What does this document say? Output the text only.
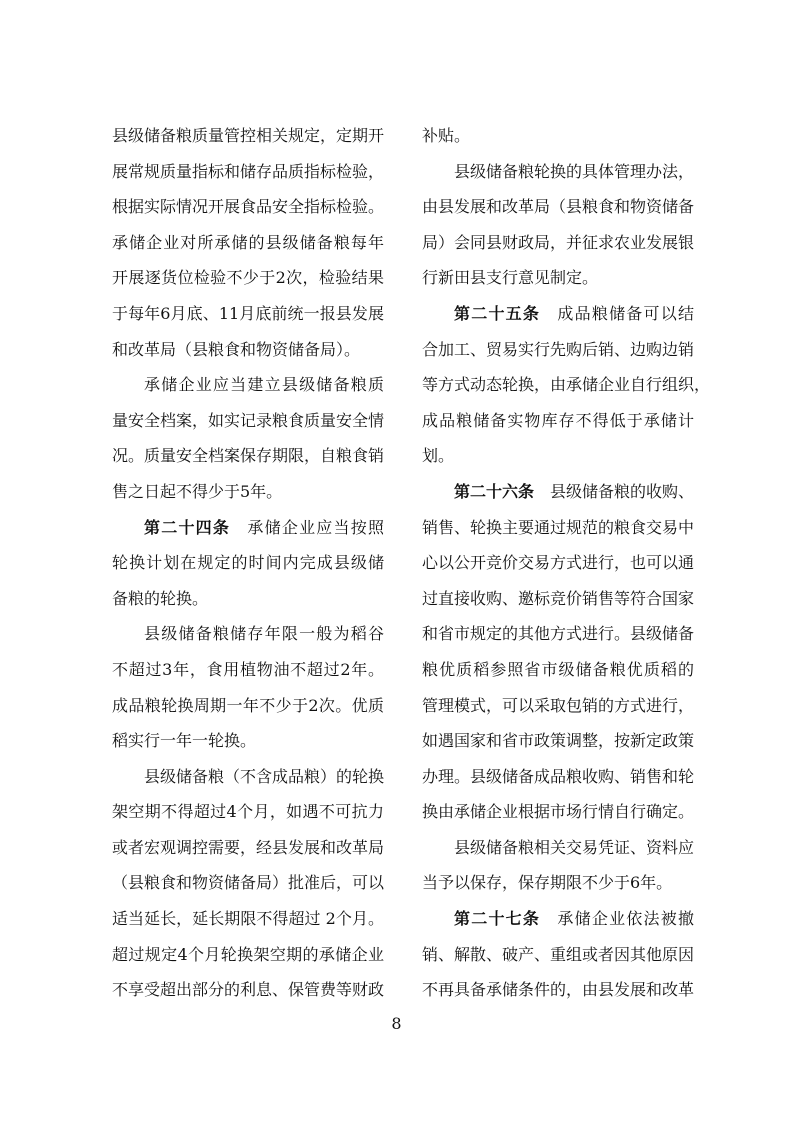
县级储备粮质量管控相关规定，定期开
展常规质量指标和储存品质指标检验，
根据实际情况开展食品安全指标检验。
承储企业对所承储的县级储备粮每年
开展逐货位检验不少于2次，检验结果
于每年6月底、11月底前统一报县发展
和改革局（县粮食和物资储备局）。
承储企业应当建立县级储备粮质
量安全档案，如实记录粮食质量安全情
况。质量安全档案保存期限，自粮食销
售之日起不得少于5年。
第二十四条　承储企业应当按照
轮换计划在规定的时间内完成县级储
备粮的轮换。
县级储备粮储存年限一般为稻谷
不超过3年，食用植物油不超过2年。
成品粮轮换周期一年不少于2次。优质
稻实行一年一轮换。
县级储备粮（不含成品粮）的轮换
架空期不得超过4个月，如遇不可抗力
或者宏观调控需要，经县发展和改革局
（县粮食和物资储备局）批准后，可以
适当延长，延长期限不得超过 2个月。
超过规定4个月轮换架空期的承储企业
不享受超出部分的利息、保管费等财政
补贴。
县级储备粮轮换的具体管理办法，
由县发展和改革局（县粮食和物资储备
局）会同县财政局，并征求农业发展银
行新田县支行意见制定。
第二十五条　成品粮储备可以结
合加工、贸易实行先购后销、边购边销
等方式动态轮换，由承储企业自行组织，
成品粮储备实物库存不得低于承储计
划。
第二十六条　县级储备粮的收购、
销售、轮换主要通过规范的粮食交易中
心以公开竞价交易方式进行，也可以通
过直接收购、邀标竞价销售等符合国家
和省市规定的其他方式进行。县级储备
粮优质稻参照省市级储备粮优质稻的
管理模式，可以采取包销的方式进行，
如遇国家和省市政策调整，按新定政策
办理。县级储备成品粮收购、销售和轮
换由承储企业根据市场行情自行确定。
县级储备粮相关交易凭证、资料应
当予以保存，保存期限不少于6年。
第二十七条　承储企业依法被撤
销、解散、破产、重组或者因其他原因
不再具备承储条件的，由县发展和改革
8
